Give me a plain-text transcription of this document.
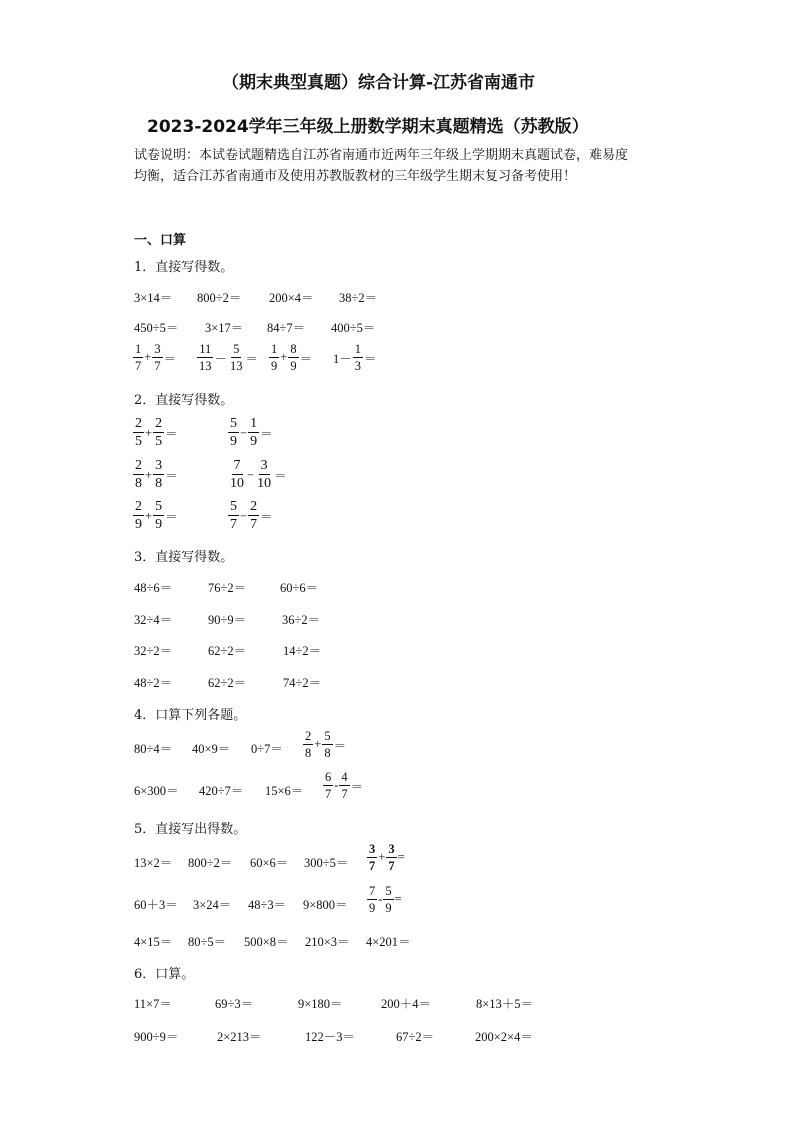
（期末典型真题）综合计算-江苏省南通市
2023-2024学年三年级上册数学期末真题精选（苏教版）
试卷说明：本试卷试题精选自江苏省南通市近两年三年级上学期期末真题试卷，难易度
均衡，适合江苏省南通市及使用苏教版教材的三年级学生期末复习备考使用！
一、口算
1．直接写得数。
3×14＝ 800÷2＝ 200×4＝ 38÷2＝
450÷5＝ 3×17＝ 84÷7＝ 400÷5＝
$\frac{1}{7} + \frac{3}{7} = \frac{11}{13} - \frac{5}{13} = \frac{1}{9} + \frac{8}{9} = 1- \frac{1}{3}$ ＝
2．直接写得数。
$\frac{2}{5} + \frac{2}{5}$ ＝	$\frac{5}{9} - \frac{1}{9}$ ＝
$\frac{2}{8} + \frac{3}{8}$ ＝	$\frac{7}{10} - \frac{3}{10}$ ＝
$\frac{2}{9} + \frac{5}{9}$ ＝	$\frac{5}{7} - \frac{2}{7}$ ＝
3．直接写得数。
48÷6＝	76÷2＝	60÷6＝
32÷4＝	90÷9＝	36÷2＝
32÷2＝	62÷2＝	14÷2＝
48÷2＝	62÷2＝	74÷2＝
4．口算下列各题。
$80\div 4= 40\times 9= 0\div 7= \frac{2}{8} + \frac{5}{8}$ ＝
$6\times 300= 420\div 7= 15\times 6= \frac{6}{7} - \frac{4}{7}$ ＝
5．直接写出得数。
$13\times 2= 800\div 2= 60\times 6= 300\div 5= \frac{3}{7} + \frac{3}{7}$ =
$60+3= 3\times 24= 48\div 3= 9\times 800= \frac{7}{9} - \frac{5}{9}$ =
4×15＝ 80÷5＝ 500×8＝ 210×3＝ 4×201＝
6．口算。
11×7＝	69÷3＝	9×180＝	200＋4＝	8×13＋5＝
900÷9＝	2×213＝	122－3＝	67÷2＝	200×2×4＝
